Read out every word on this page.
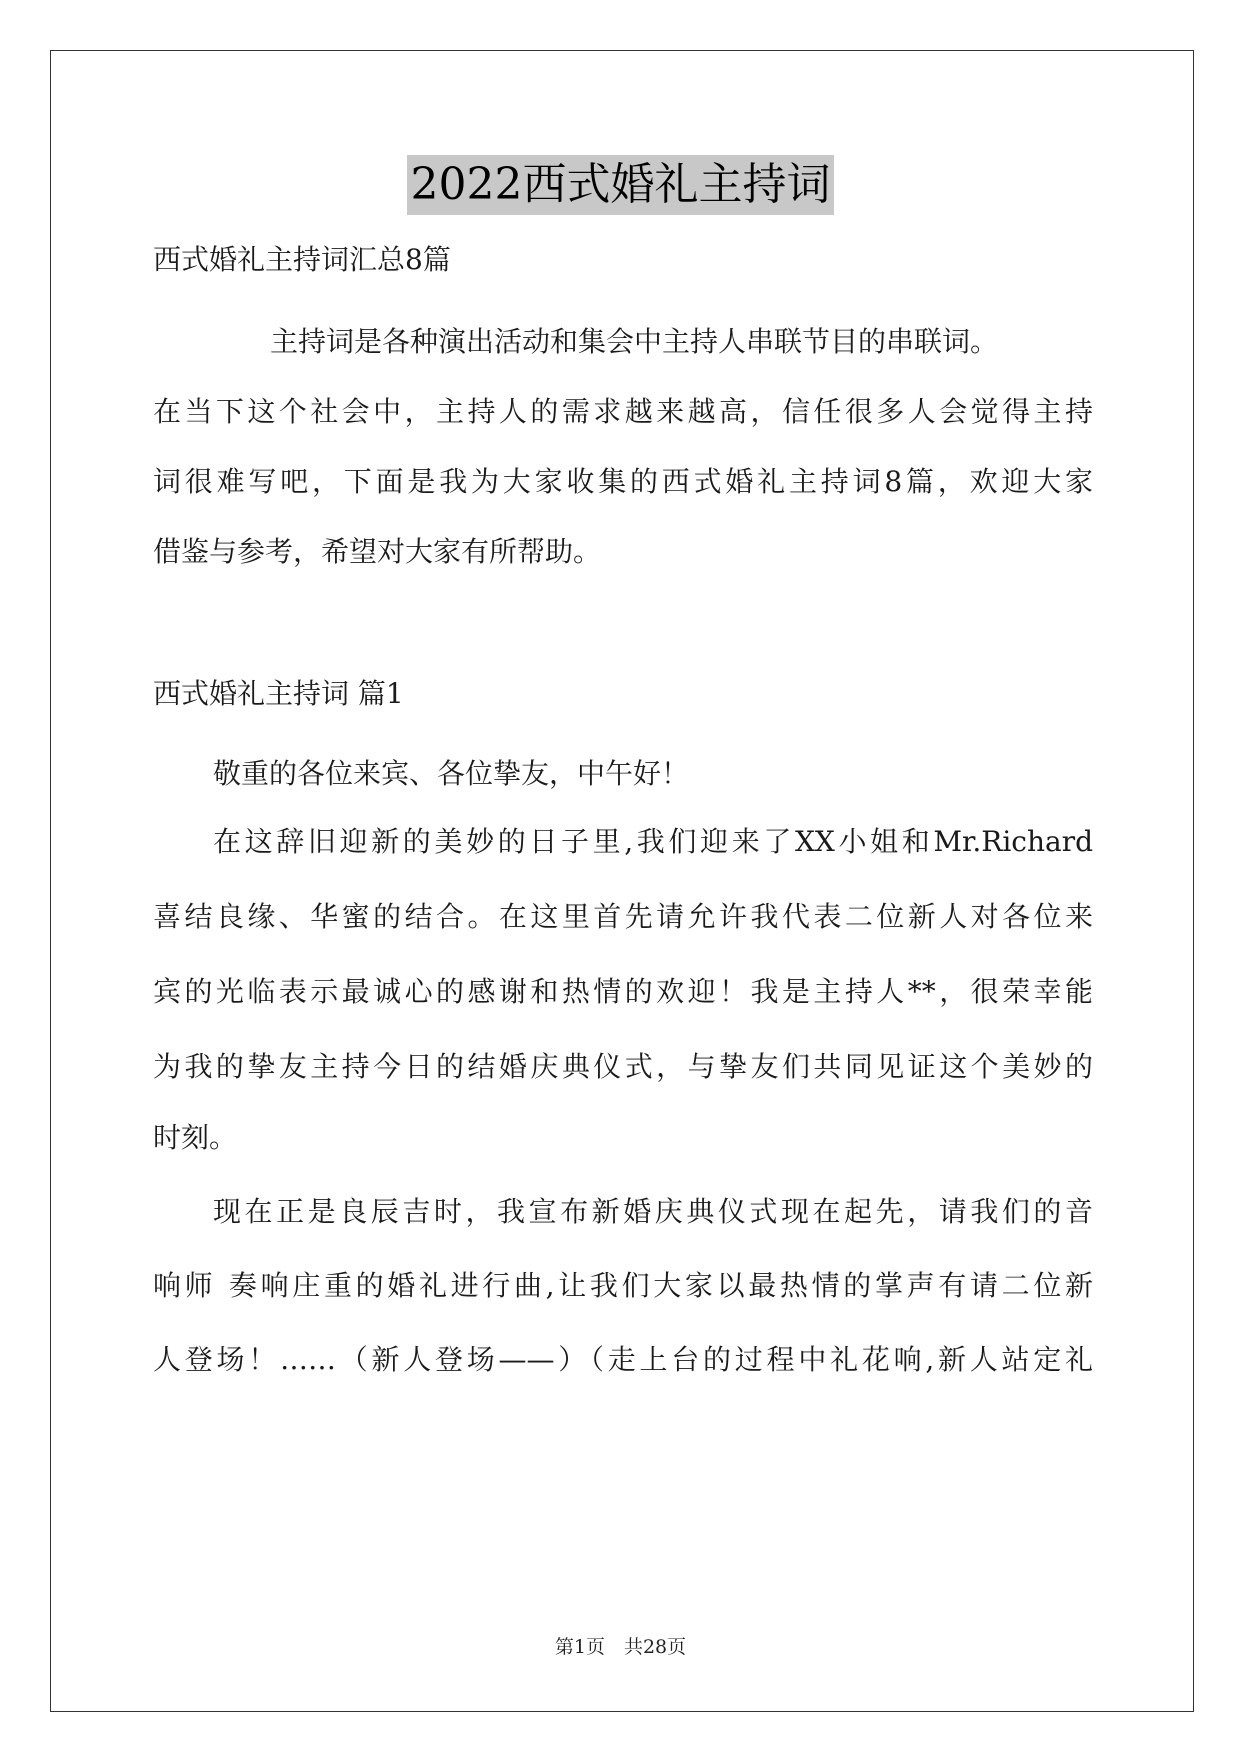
2022西式婚礼主持词
西式婚礼主持词汇总8篇
主持词是各种演出活动和集会中主持人串联节目的串联词。
在当下这个社会中，主持人的需求越来越高，信任很多人会觉得主持
词很难写吧，下面是我为大家收集的西式婚礼主持词8篇，欢迎大家
借鉴与参考，希望对大家有所帮助。
西式婚礼主持词 篇1
敬重的各位来宾、各位挚友，中午好！
在这辞旧迎新的美妙的日子里,我们迎来了XX小姐和Mr.Richard
喜结良缘、华蜜的结合。在这里首先请允许我代表二位新人对各位来
宾的光临表示最诚心的感谢和热情的欢迎！我是主持人**，很荣幸能
为我的挚友主持今日的结婚庆典仪式，与挚友们共同见证这个美妙的
时刻。
现在正是良辰吉时，我宣布新婚庆典仪式现在起先，请我们的音
响师 奏响庄重的婚礼进行曲,让我们大家以最热情的掌声有请二位新
人登场！……（新人登场——）（走上台的过程中礼花响,新人站定礼
第1页　共28页
